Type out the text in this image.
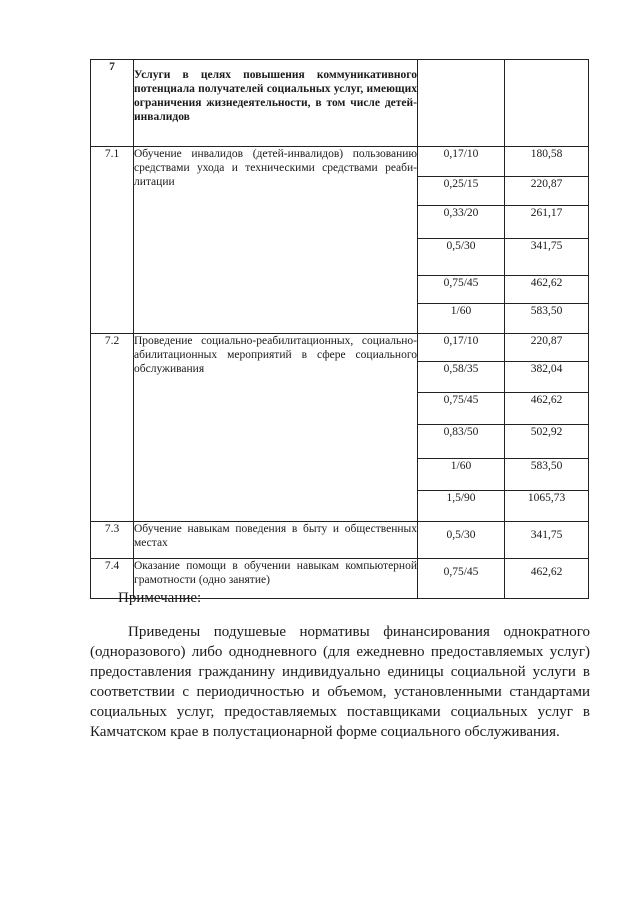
7	Услуги в целях повышения коммуникативного потенциала получателей социальных услуг, имеющих ограничения жизнедеятельности, в том числе детей-инвалидов		
7.1	Обучение инвалидов (детей-инвалидов) пользованию средствами ухода и техническими средствами реаби- литации	0,17/10	180,58
		0,25/15	220,87
		0,33/20	261,17
		0,5/30	341,75
		0,75/45	462,62
		1/60	583,50
7.2	Проведение социально-реабилитационных, социально-абилитационных мероприятий в сфере социального обслуживания	0,17/10	220,87
		0,58/35	382,04
		0,75/45	462,62
		0,83/50	502,92
		1/60	583,50
		1,5/90	1065,73
7.3	Обучение навыкам поведения в быту и общественных местах	0,5/30	341,75
7.4	Оказание помощи в обучении навыкам компьютерной грамотности (одно занятие)	0,75/45	462,62

Примечание:

Приведены подушевые нормативы финансирования однократного (одноразового) либо однодневного (для ежедневно предоставляемых услуг) предоставления гражданину индивидуально единицы социальной услуги в соответствии с периодичностью и объемом, установленными стандартами социальных услуг, предоставляемых поставщиками социальных услуг в Камчатском крае в полустационарной форме социального обслуживания.
